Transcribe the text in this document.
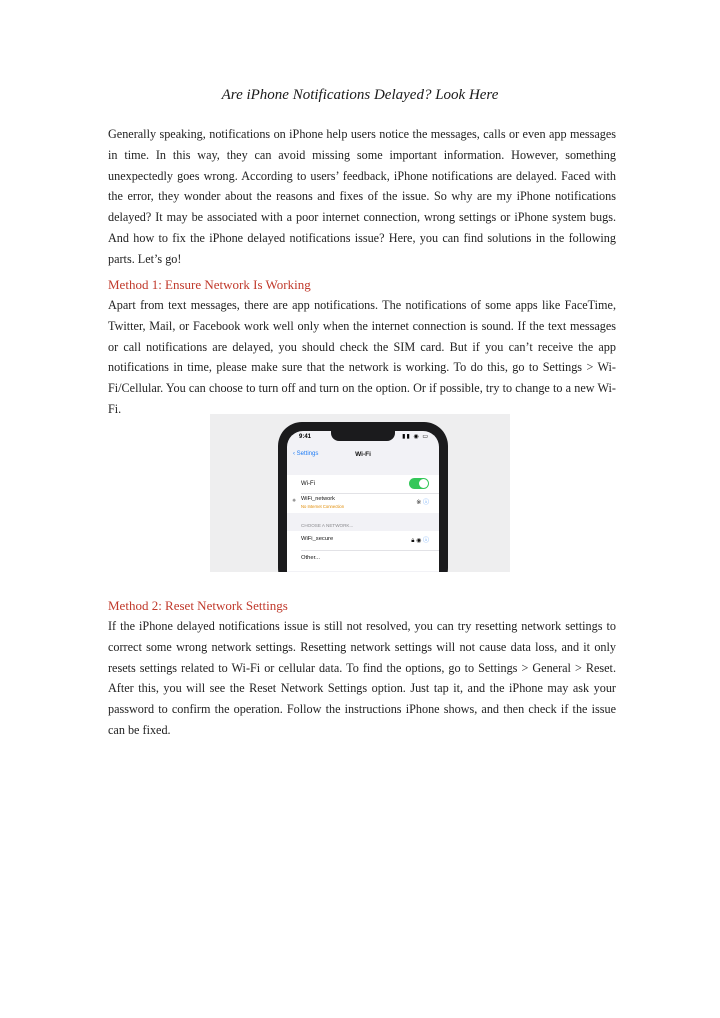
Are iPhone Notifications Delayed? Look Here

Generally speaking, notifications on iPhone help users notice the messages, calls or even app messages in time. In this way, they can avoid missing some important information. However, something unexpectedly goes wrong. According to users’ feedback, iPhone notifications are delayed. Faced with the error, they wonder about the reasons and fixes of the issue. So why are my iPhone notifications delayed? It may be associated with a poor internet connection, wrong settings or iPhone system bugs. And how to fix the iPhone delayed notifications issue? Here, you can find solutions in the following parts. Let’s go!

Method 1: Ensure Network Is Working

Apart from text messages, there are app notifications. The notifications of some apps like FaceTime, Twitter, Mail, or Facebook work well only when the internet connection is sound. If the text messages or call notifications are delayed, you should check the SIM card. But if you can’t receive the app notifications in time, please make sure that the network is working. To do this, go to Settings > Wi-Fi/Cellular. You can choose to turn off and turn on the option. Or if possible, try to change to a new Wi-Fi.

9:41	▮▮ ◉ ▭
‹ Settings	Wi-Fi
Wi-Fi
✹ WiFi_network
No Internet Connection
※ ⓘ
CHOOSE A NETWORK...
WiFi_secure	🔒︎ ◉ ⓘ
Other...

Method 2: Reset Network Settings

If the iPhone delayed notifications issue is still not resolved, you can try resetting network settings to correct some wrong network settings. Resetting network settings will not cause data loss, and it only resets settings related to Wi-Fi or cellular data. To find the options, go to Settings > General > Reset. After this, you will see the Reset Network Settings option. Just tap it, and the iPhone may ask your password to confirm the operation. Follow the instructions iPhone shows, and then check if the issue can be fixed.
